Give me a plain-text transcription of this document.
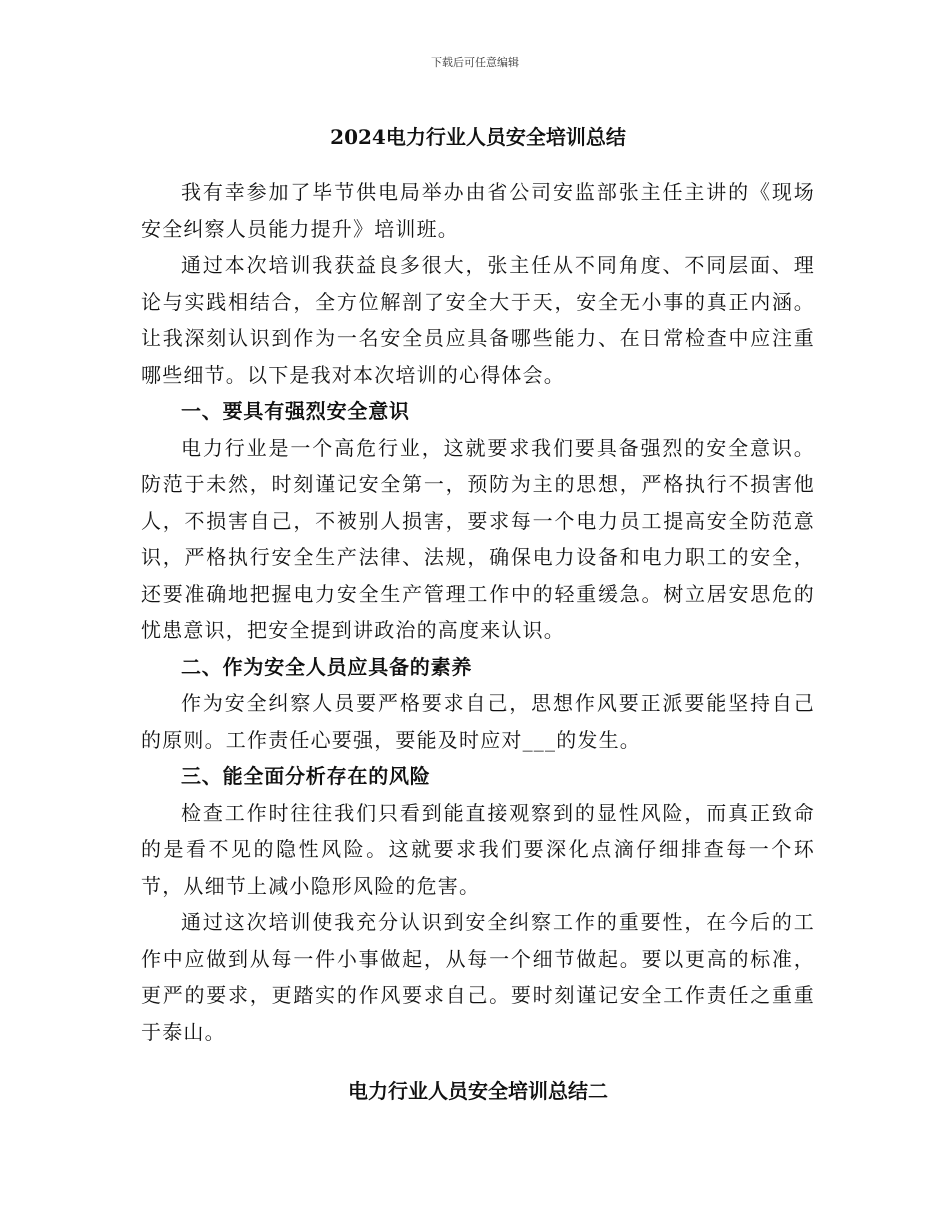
下载后可任意编辑
2024电力行业人员安全培训总结

我有幸参加了毕节供电局举办由省公司安监部张主任主讲的《现场安全纠察人员能力提升》培训班。

通过本次培训我获益良多很大，张主任从不同角度、不同层面、理论与实践相结合，全方位解剖了安全大于天，安全无小事的真正内涵。让我深刻认识到作为一名安全员应具备哪些能力、在日常检查中应注重哪些细节。以下是我对本次培训的心得体会。

一、要具有强烈安全意识

电力行业是一个高危行业，这就要求我们要具备强烈的安全意识。防范于未然，时刻谨记安全第一，预防为主的思想，严格执行不损害他人，不损害自己，不被别人损害，要求每一个电力员工提高安全防范意识，严格执行安全生产法律、法规，确保电力设备和电力职工的安全，还要准确地把握电力安全生产管理工作中的轻重缓急。树立居安思危的忧患意识，把安全提到讲政治的高度来认识。

二、作为安全人员应具备的素养

作为安全纠察人员要严格要求自己，思想作风要正派要能坚持自己的原则。工作责任心要强，要能及时应对___的发生。

三、能全面分析存在的风险

检查工作时往往我们只看到能直接观察到的显性风险，而真正致命的是看不见的隐性风险。这就要求我们要深化点滴仔细排查每一个环节，从细节上减小隐形风险的危害。

通过这次培训使我充分认识到安全纠察工作的重要性，在今后的工作中应做到从每一件小事做起，从每一个细节做起。要以更高的标准，更严的要求，更踏实的作风要求自己。要时刻谨记安全工作责任之重重于泰山。

电力行业人员安全培训总结二
